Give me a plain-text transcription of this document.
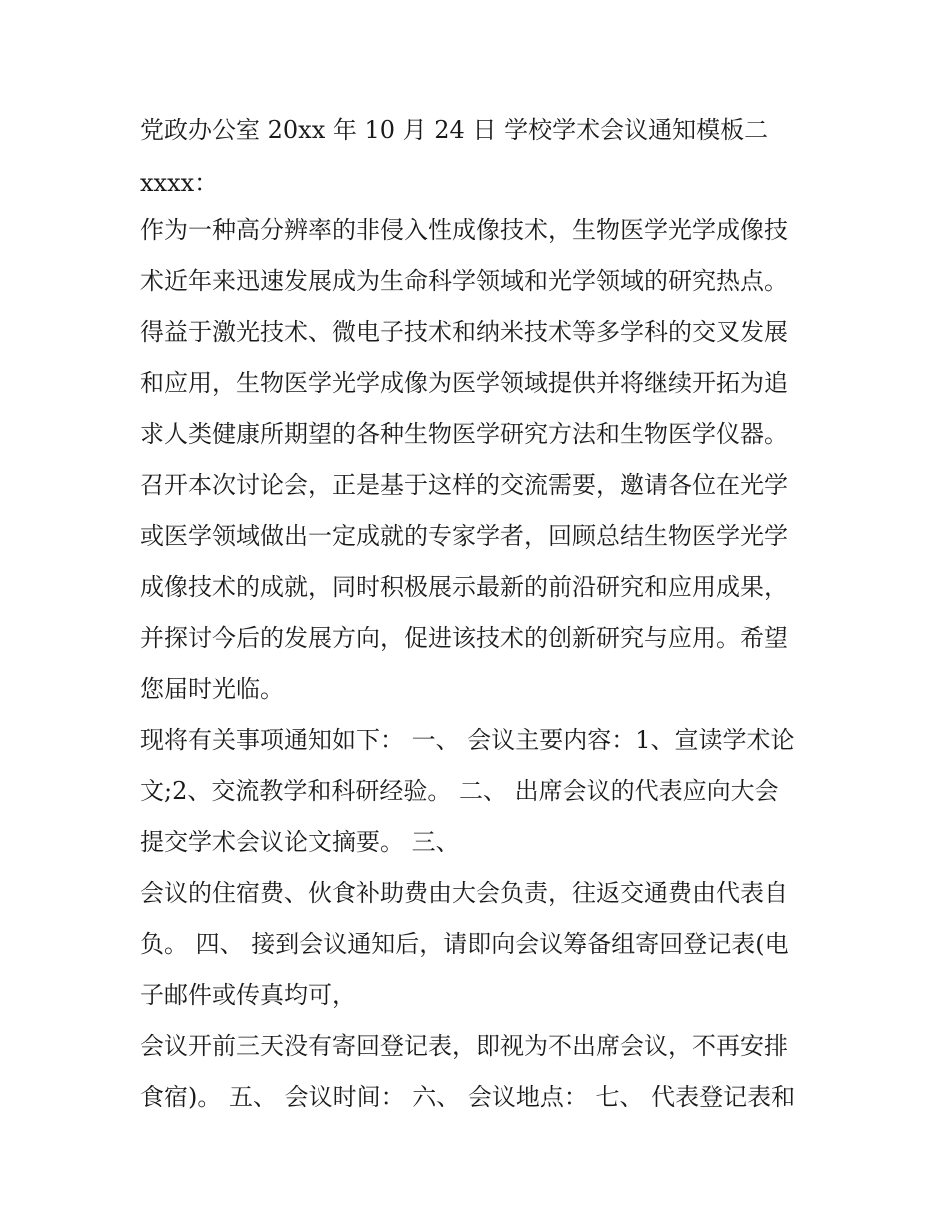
党政办公室 20xx 年 10 月 24 日 学校学术会议通知模板二

xxxx：

作为一种高分辨率的非侵入性成像技术，生物医学光学成像技

术近年来迅速发展成为生命科学领域和光学领域的研究热点。

得益于激光技术、微电子技术和纳米技术等多学科的交叉发展

和应用，生物医学光学成像为医学领域提供并将继续开拓为追

求人类健康所期望的各种生物医学研究方法和生物医学仪器。

召开本次讨论会，正是基于这样的交流需要，邀请各位在光学

或医学领域做出一定成就的专家学者，回顾总结生物医学光学

成像技术的成就，同时积极展示最新的前沿研究和应用成果，

并探讨今后的发展方向，促进该技术的创新研究与应用。希望

您届时光临。

现将有关事项通知如下： 一、 会议主要内容：1、宣读学术论

文;2、交流教学和科研经验。 二、 出席会议的代表应向大会

提交学术会议论文摘要。 三、

会议的住宿费、伙食补助费由大会负责，往返交通费由代表自

负。 四、 接到会议通知后，请即向会议筹备组寄回登记表(电

子邮件或传真均可，

会议开前三天没有寄回登记表，即视为不出席会议，不再安排

食宿)。 五、 会议时间： 六、 会议地点： 七、 代表登记表和
